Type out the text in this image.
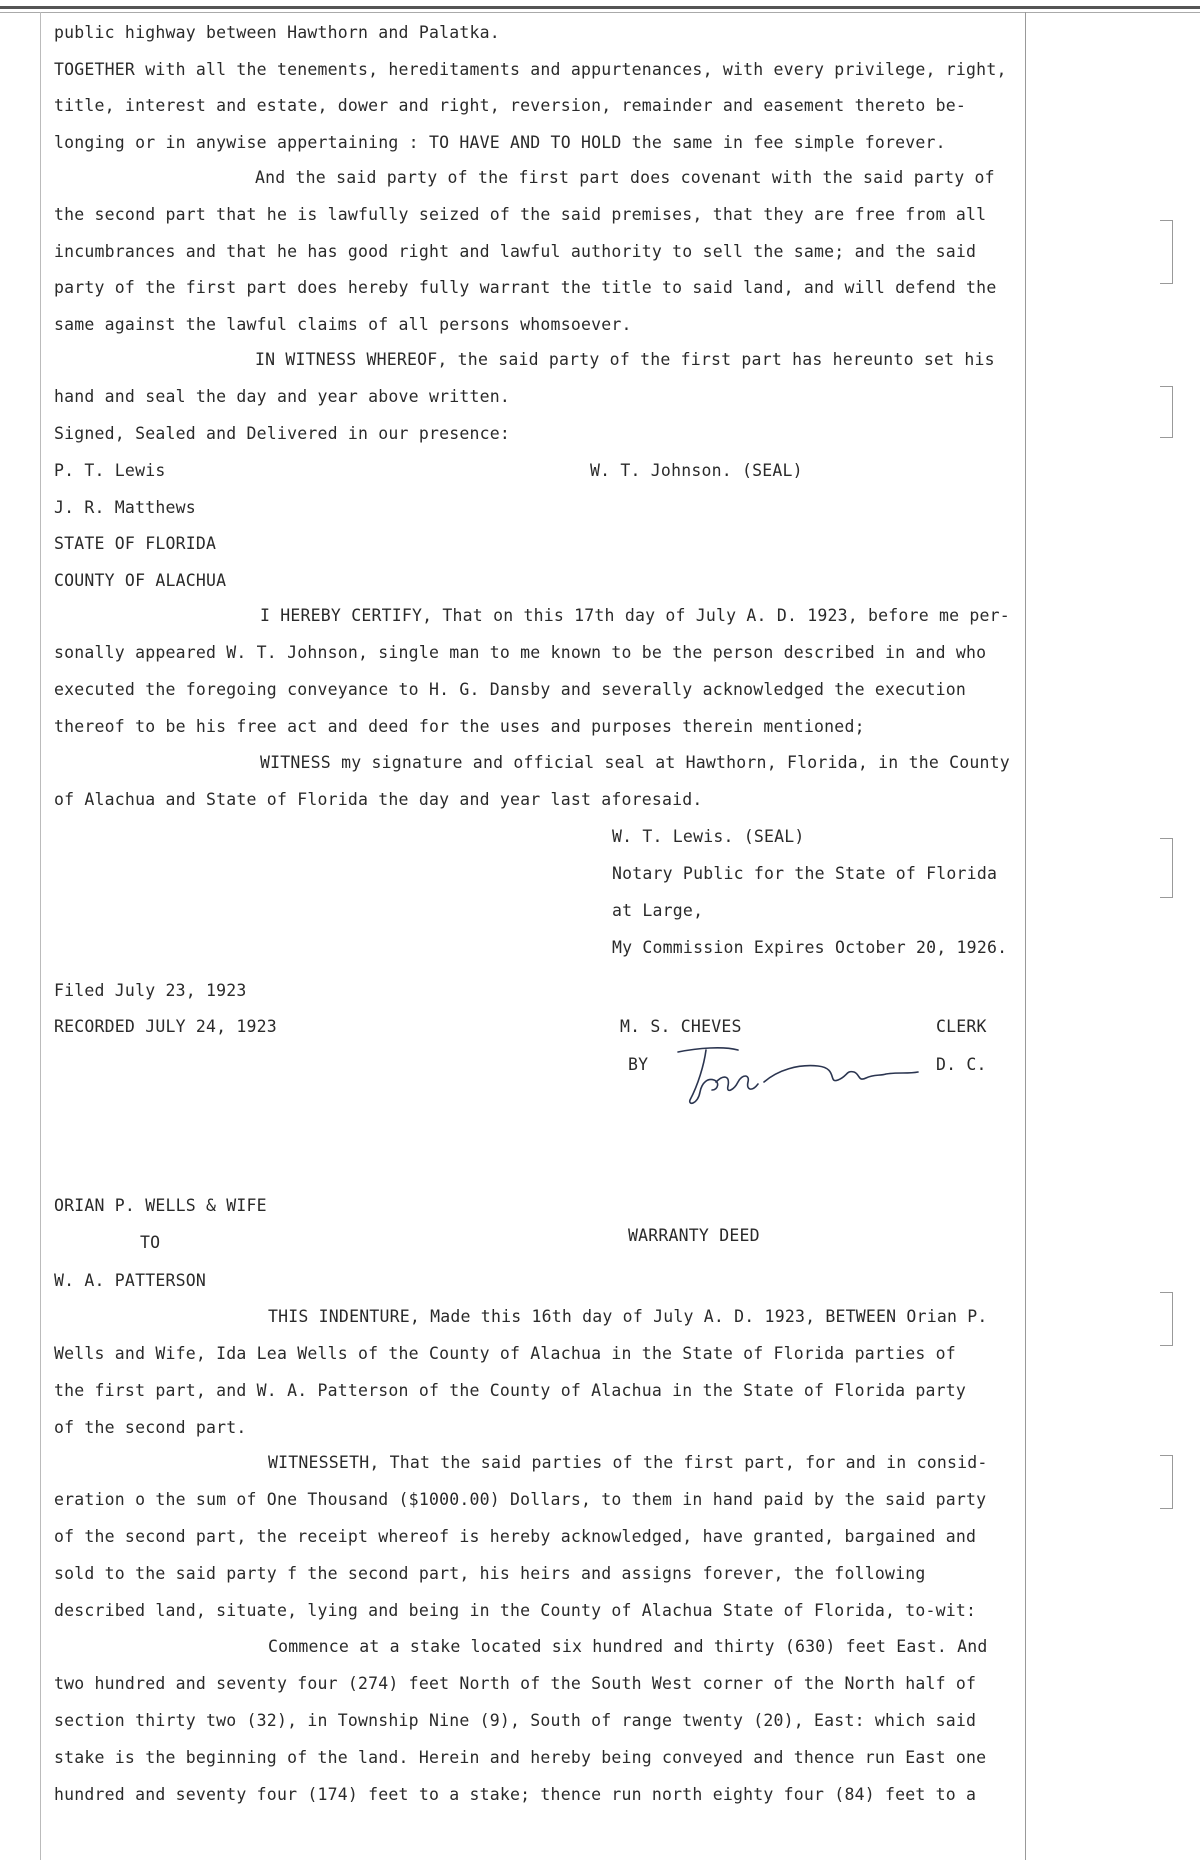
public highway between Hawthorn and Palatka.
TOGETHER with all the tenements, hereditaments and appurtenances, with every privilege, right,
title, interest and estate, dower and right, reversion, remainder and easement thereto be-
longing or in anywise appertaining : TO HAVE AND TO HOLD the same in fee simple forever.
And the said party of the first part does covenant with the said party of
the second part that he is lawfully seized of the said premises, that they are free from all
incumbrances and that he has good right and lawful authority to sell the same; and the said
party of the first part does hereby fully warrant the title to said land, and will defend the
same against the lawful claims of all persons whomsoever.
IN WITNESS WHEREOF, the said party of the first part has hereunto set his
hand and seal the day and year above written.
Signed, Sealed and Delivered in our presence:
P. T. Lewis	W. T. Johnson. (SEAL)
J. R. Matthews
STATE OF FLORIDA
COUNTY OF ALACHUA
I HEREBY CERTIFY, That on this 17th day of July A. D. 1923, before me per-
sonally appeared W. T. Johnson, single man to me known to be the person described in and who
executed the foregoing conveyance to H. G. Dansby and severally acknowledged the execution
thereof to be his free act and deed for the uses and purposes therein mentioned;
WITNESS my signature and official seal at Hawthorn, Florida, in the County
of Alachua and State of Florida the day and year last aforesaid.
W. T. Lewis. (SEAL)
Notary Public for the State of Florida
at Large,
My Commission Expires October 20, 1926.
Filed July 23, 1923
RECORDED JULY 24, 1923	M. S. CHEVES	CLERK
BY	D. C.
ORIAN P. WELLS & WIFE
TO	WARRANTY DEED
W. A. PATTERSON
THIS INDENTURE, Made this 16th day of July A. D. 1923, BETWEEN Orian P.
Wells and Wife, Ida Lea Wells of the County of Alachua in the State of Florida parties of
the first part, and W. A. Patterson of the County of Alachua in the State of Florida party
of the second part.
WITNESSETH, That the said parties of the first part, for and in consid-
eration o the sum of One Thousand ($1000.00) Dollars, to them in hand paid by the said party
of the second part, the receipt whereof is hereby acknowledged, have granted, bargained and
sold to the said party f the second part, his heirs and assigns forever, the following
described land, situate, lying and being in the County of Alachua State of Florida, to-wit:
Commence at a stake located six hundred and thirty (630) feet East. And
two hundred and seventy four (274) feet North of the South West corner of the North half of
section thirty two (32), in Township Nine (9), South of range twenty (20), East: which said
stake is the beginning of the land. Herein and hereby being conveyed and thence run East one
hundred and seventy four (174) feet to a stake; thence run north eighty four (84) feet to a
